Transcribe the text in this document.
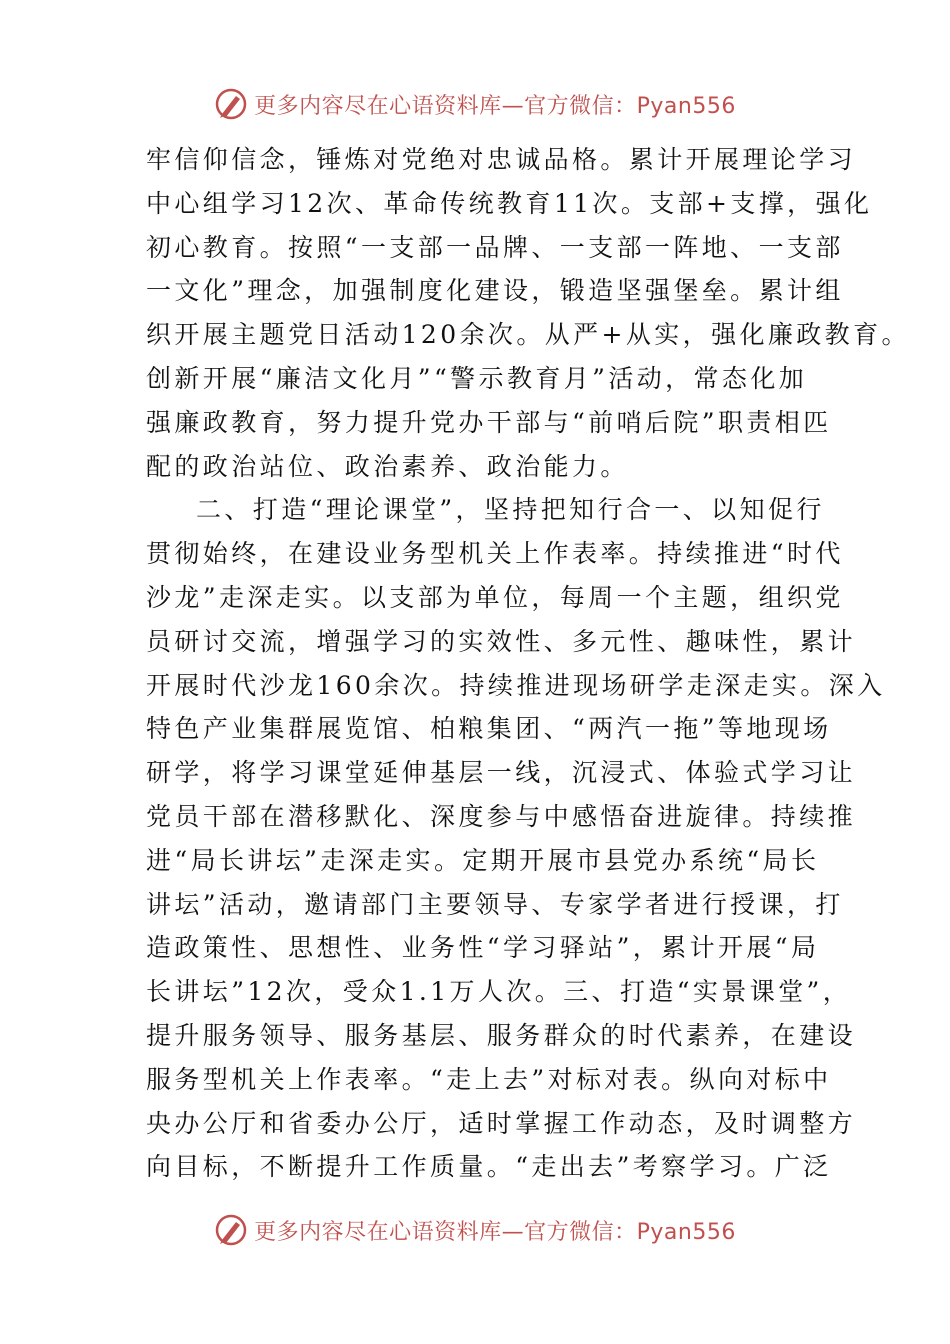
更多内容尽在心语资料库—官方微信：Pyan556
牢信仰信念，锤炼对党绝对忠诚品格。累计开展理论学习
中心组学习12次、革命传统教育11次。支部+支撑，强化
初心教育。按照“一支部一品牌、一支部一阵地、一支部
一文化”理念，加强制度化建设，锻造坚强堡垒。累计组
织开展主题党日活动120余次。从严+从实，强化廉政教育。
创新开展“廉洁文化月”“警示教育月”活动，常态化加
强廉政教育，努力提升党办干部与“前哨后院”职责相匹
配的政治站位、政治素养、政治能力。
二、打造“理论课堂”，坚持把知行合一、以知促行
贯彻始终，在建设业务型机关上作表率。持续推进“时代
沙龙”走深走实。以支部为单位，每周一个主题，组织党
员研讨交流，增强学习的实效性、多元性、趣味性，累计
开展时代沙龙160余次。持续推进现场研学走深走实。深入
特色产业集群展览馆、柏粮集团、“两汽一拖”等地现场
研学，将学习课堂延伸基层一线，沉浸式、体验式学习让
党员干部在潜移默化、深度参与中感悟奋进旋律。持续推
进“局长讲坛”走深走实。定期开展市县党办系统“局长
讲坛”活动，邀请部门主要领导、专家学者进行授课，打
造政策性、思想性、业务性“学习驿站”，累计开展“局
长讲坛”12次，受众1.1万人次。三、打造“实景课堂”，
提升服务领导、服务基层、服务群众的时代素养，在建设
服务型机关上作表率。“走上去”对标对表。纵向对标中
央办公厅和省委办公厅，适时掌握工作动态，及时调整方
向目标，不断提升工作质量。“走出去”考察学习。广泛
更多内容尽在心语资料库—官方微信：Pyan556
